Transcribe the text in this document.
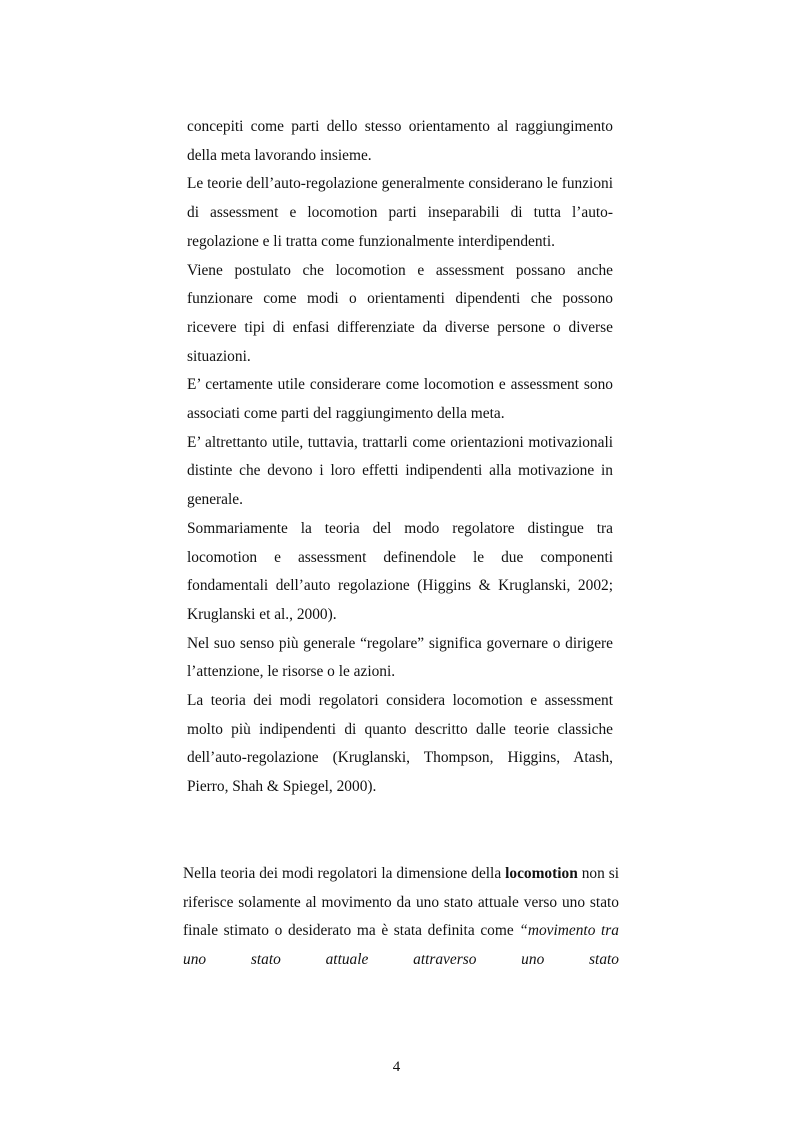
concepiti come parti dello stesso orientamento al raggiungimento della meta lavorando insieme.

Le teorie dell’auto-regolazione generalmente considerano le funzioni di assessment e locomotion parti inseparabili di tutta l’auto-regolazione e li tratta come funzionalmente interdipendenti.

Viene postulato che locomotion e assessment possano anche funzionare come modi o orientamenti dipendenti che possono ricevere tipi di enfasi differenziate da diverse persone o diverse situazioni.

E’ certamente utile considerare come locomotion e assessment sono associati come parti del raggiungimento della meta.

E’ altrettanto utile, tuttavia, trattarli come orientazioni motivazionali distinte che devono i loro effetti indipendenti alla motivazione in generale.

Sommariamente la teoria del modo regolatore distingue tra locomotion e assessment definendole le due componenti fondamentali dell’auto regolazione (Higgins & Kruglanski, 2002; Kruglanski et al., 2000).

Nel suo senso più generale “regolare” significa governare o dirigere l’attenzione, le risorse o le azioni.

La teoria dei modi regolatori considera locomotion e assessment molto più indipendenti di quanto descritto dalle teorie classiche dell’auto-regolazione (Kruglanski, Thompson, Higgins, Atash, Pierro, Shah & Spiegel, 2000).

Nella teoria dei modi regolatori la dimensione della locomotion non si riferisce solamente al movimento da uno stato attuale verso uno stato finale stimato o desiderato ma è stata definita come “movimento tra uno stato attuale attraverso uno stato

4
